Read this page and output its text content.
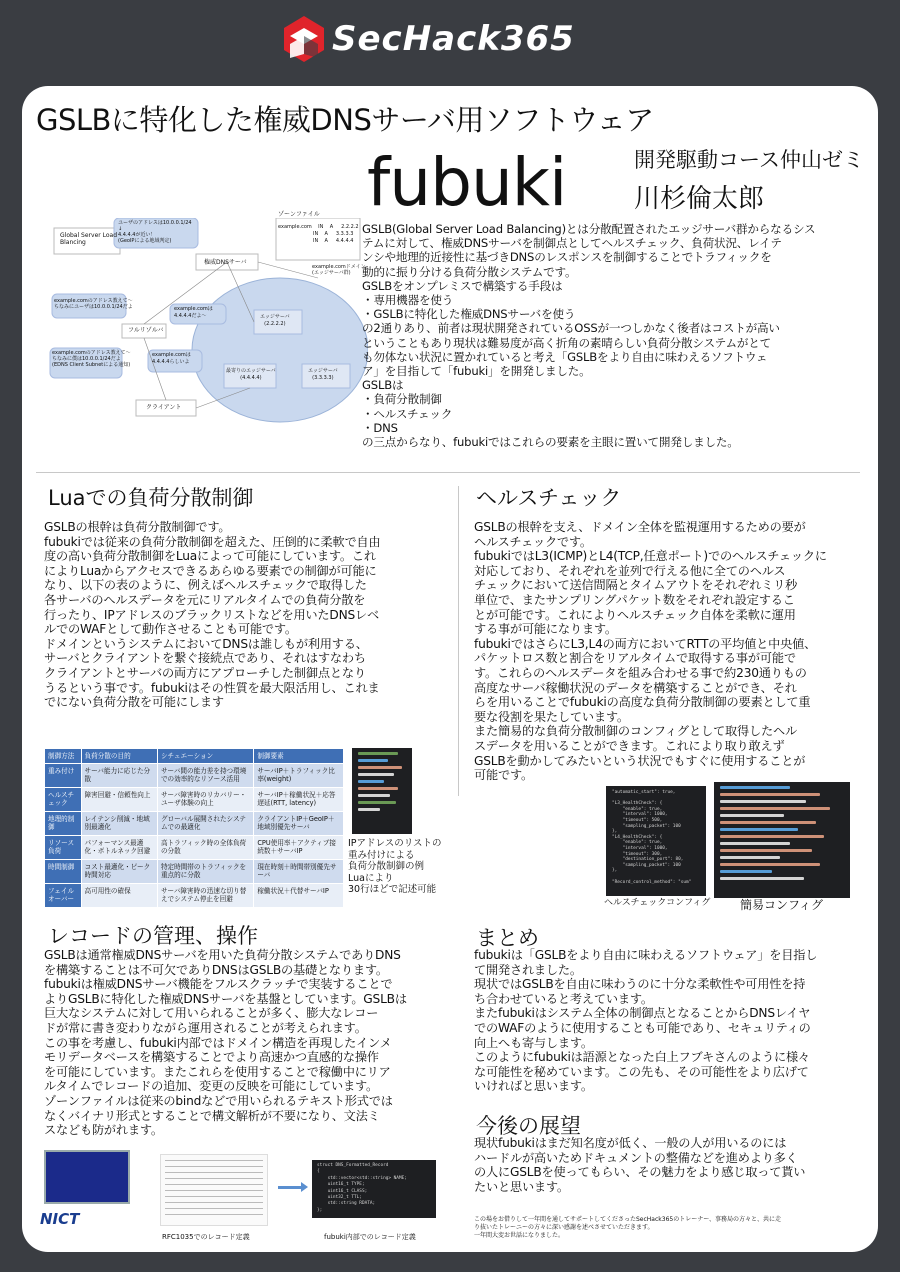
SecHack365
GSLBに特化した権威DNSサーバ用ソフトウェア
fubuki	開発駆動コース仲山ゼミ
川杉倫太郎
Global Server Load
Blancing
ゾーンファイル
example.com    IN    A     2.2.2.2
IN    A     3.3.3.3
IN    A     4.4.4.4
ユーザのアドレスは10.0.0.1/24
↓
4.4.4.4が近い！
(GeoIPによる地域判定)
権威DNSサーバ
example.comドメイン
(エッジサーバ群)
example.comのアドレス教えて～
ちなみにユーザは10.0.0.1/24だよ	example.comは
4.4.4.4だよ～
フルリゾルバ
example.comのアドレス教えて～
ちなみに僕は10.0.0.1/24だよ
(EDNS Client Subnetによる通知)
example.comは
4.4.4.4らしいよ
クライアント
エッジサーバ
(2.2.2.2)
最寄りのエッジサーバ
(4.4.4.4)
エッジサーバ
(3.3.3.3)
GSLB(Global Server Load Balancing)とは分散配置されたエッジサーバ群からなるシス
テムに対して、権威DNSサーバを制御点としてヘルスチェック、負荷状況、レイテ
ンシや地理的近接性に基づきDNSのレスポンスを制御することでトラフィックを
動的に振り分ける負荷分散システムです。
GSLBをオンプレミスで構築する手段は
・専用機器を使う
・GSLBに特化した権威DNSサーバを使う
の2通りあり、前者は現状開発されているOSSが一つしかなく後者はコストが高い
ということもあり現状は難易度が高く折角の素晴らしい負荷分散システムがとて
も勿体ない状況に置かれていると考え「GSLBをより自由に味わえるソフトウェ
ア」を目指して「fubuki」を開発しました。
GSLBは
・負荷分散制御
・ヘルスチェック
・DNS
の三点からなり、fubukiではこれらの要素を主眼に置いて開発しました。
Luaでの負荷分散制御
GSLBの根幹は負荷分散制御です。
fubukiでは従来の負荷分散制御を超えた、圧倒的に柔軟で自由
度の高い負荷分散制御をLuaによって可能にしています。これ
によりLuaからアクセスできるあらゆる要素での制御が可能に
なり、以下の表のように、例えばヘルスチェックで取得した
各サーバのヘルスデータを元にリアルタイムでの負荷分散を
行ったり、IPアドレスのブラックリストなどを用いたDNSレベ
ルでのWAFとして動作させることも可能です。
ドメインというシステムにおいてDNSは誰しもが利用する、
サーバとクライアントを繋ぐ接続点であり、それはすなわち
クライアントとサーバの両方にアプローチした制御点となり
うるという事です。fubukiはその性質を最大限活用し、これま
でにない負荷分散を可能にします
制御方法	負荷分散の目的	シチュエーション	制御要素
重み付け	サーバ能力に応じた分散	サーバ間の能力差を持つ環境での効率的なリソース活用	サーバIP＋トラフィック比率(weight)
ヘルスチェック	障害回避・信頼性向上	サーバ障害時のリカバリー・ユーザ体験の向上	サーバIP＋稼働状況＋応答遅延(RTT, latency)
地理的制御	レイテンシ削減・地域別最適化	グローバル展開されたシステムでの最適化	クライアントIP＋GeoIP＋地域別優先サーバ
リソース負荷	パフォーマンス最適化・ボトルネック回避	高トラフィック時の全体負荷の分散	CPU使用率＋アクティブ接続数＋サーバIP
時間制御	コスト最適化・ピーク時間対応	特定時間帯のトラフィックを重点的に分散	現在時刻＋時間帯別優先サーバ
フェイルオーバー	高可用性の確保	サーバ障害時の迅速な切り替えでシステム停止を回避	稼働状況＋代替サーバIP
IPアドレスのリストの
重み付けによる
負荷分散制御の例
Luaにより
30行ほどで記述可能
ヘルスチェック
GSLBの根幹を支え、ドメイン全体を監視運用するための要が
ヘルスチェックです。
fubukiではL3(ICMP)とL4(TCP,任意ポート)でのヘルスチェックに
対応しており、それぞれを並列で行える他に全てのヘルス
チェックにおいて送信間隔とタイムアウトをそれぞれミリ秒
単位で、またサンプリングパケット数をそれぞれ設定するこ
とが可能です。これによりヘルスチェック自体を柔軟に運用
する事が可能になります。
fubukiではさらにL3,L4の両方においてRTTの平均値と中央値、
パケットロス数と割合をリアルタイムで取得する事が可能で
す。これらのヘルスデータを組み合わせる事で約230通りもの
高度なサーバ稼働状況のデータを構築することができ、それ
らを用いることでfubukiの高度な負荷分散制御の要素として重
要な役割を果たしています。
また簡易的な負荷分散制御のコンフィグとして取得したヘル
スデータを用いることができます。これにより取り敢えず
GSLBを動かしてみたいという状況でもすぐに使用することが
可能です。
"automatic_start": true,

"L3_HealthCheck": {
"enable": true,
"interval": 1000,
"timeout": 500,
"sampling_packet": 100
},
"L4_HealthCheck": {
"enable": true,
"interval": 1000,
"timeout": 300,
"destination_port": 80,
"sampling_packet": 100
},

"Record_control_method": "sum"
ヘルスチェックコンフィグ 簡易コンフィグ
レコードの管理、操作
GSLBは通常権威DNSサーバを用いた負荷分散システムでありDNS
を構築することは不可欠でありDNSはGSLBの基礎となります。
fubukiは権威DNSサーバ機能をフルスクラッチで実装することで
よりGSLBに特化した権威DNSサーバを基盤としています。GSLBは
巨大なシステムに対して用いられることが多く、膨大なレコー
ドが常に書き変わりながら運用されることが考えられます。
この事を考慮し、fubuki内部ではドメイン構造を再現したインメ
モリデータベースを構築することでより高速かつ直感的な操作
を可能にしています。またこれらを使用することで稼働中にリア
ルタイムでレコードの追加、変更の反映を可能にしています。
ゾーンファイルは従来のbindなどで用いられるテキスト形式では
なくバイナリ形式とすることで構文解析が不要になり、文法ミ
スなども防がれます。
NICT
RFC1035でのレコード定義
struct DNS_Formatted_Record
{
std::vector<std::string> NAME;
uint16_t TYPE;
uint16_t CLASS;
uint32_t TTL;
std::string RDATA;
};
fubuki内部でのレコード定義
まとめ
fubukiは「GSLBをより自由に味わえるソフトウェア」を目指し
て開発されました。
現状ではGSLBを自由に味わうのに十分な柔軟性や可用性を持
ち合わせていると考えています。
またfubukiはシステム全体の制御点となることからDNSレイヤ
でのWAFのように使用することも可能であり、セキュリティの
向上へも寄与します。
このようにfubukiは語源となった白上フブキさんのように様々
な可能性を秘めています。この先も、その可能性をより広げて
いければと思います。
今後の展望
現状fubukiはまだ知名度が低く、一般の人が用いるのには
ハードルが高いためドキュメントの整備などを進めより多く
の人にGSLBを使ってもらい、その魅力をより感じ取って貰い
たいと思います。
この場をお借りして一年間を通してサポートしてくださったSecHack365のトレーナー、事務局の方々と、共に走
り抜いたトレーニーの方々に深い感謝を述べさせていただきます。
一年間大変お世話になりました。
